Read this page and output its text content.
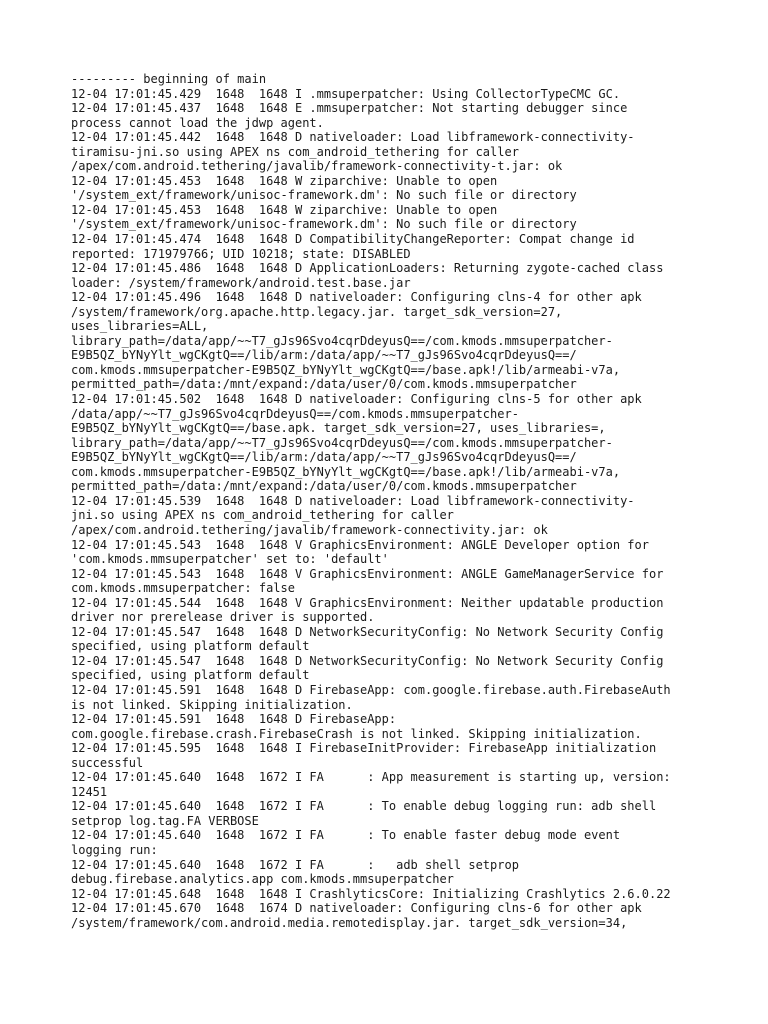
--------- beginning of main
12-04 17:01:45.429  1648  1648 I .mmsuperpatcher: Using CollectorTypeCMC GC.
12-04 17:01:45.437  1648  1648 E .mmsuperpatcher: Not starting debugger since
process cannot load the jdwp agent.
12-04 17:01:45.442  1648  1648 D nativeloader: Load libframework-connectivity-
tiramisu-jni.so using APEX ns com_android_tethering for caller
/apex/com.android.tethering/javalib/framework-connectivity-t.jar: ok
12-04 17:01:45.453  1648  1648 W ziparchive: Unable to open
'/system_ext/framework/unisoc-framework.dm': No such file or directory
12-04 17:01:45.453  1648  1648 W ziparchive: Unable to open
'/system_ext/framework/unisoc-framework.dm': No such file or directory
12-04 17:01:45.474  1648  1648 D CompatibilityChangeReporter: Compat change id
reported: 171979766; UID 10218; state: DISABLED
12-04 17:01:45.486  1648  1648 D ApplicationLoaders: Returning zygote-cached class
loader: /system/framework/android.test.base.jar
12-04 17:01:45.496  1648  1648 D nativeloader: Configuring clns-4 for other apk
/system/framework/org.apache.http.legacy.jar. target_sdk_version=27,
uses_libraries=ALL,
library_path=/data/app/~~T7_gJs96Svo4cqrDdeyusQ==/com.kmods.mmsuperpatcher-
E9B5QZ_bYNyYlt_wgCKgtQ==/lib/arm:/data/app/~~T7_gJs96Svo4cqrDdeyusQ==/
com.kmods.mmsuperpatcher-E9B5QZ_bYNyYlt_wgCKgtQ==/base.apk!/lib/armeabi-v7a,
permitted_path=/data:/mnt/expand:/data/user/0/com.kmods.mmsuperpatcher
12-04 17:01:45.502  1648  1648 D nativeloader: Configuring clns-5 for other apk
/data/app/~~T7_gJs96Svo4cqrDdeyusQ==/com.kmods.mmsuperpatcher-
E9B5QZ_bYNyYlt_wgCKgtQ==/base.apk. target_sdk_version=27, uses_libraries=,
library_path=/data/app/~~T7_gJs96Svo4cqrDdeyusQ==/com.kmods.mmsuperpatcher-
E9B5QZ_bYNyYlt_wgCKgtQ==/lib/arm:/data/app/~~T7_gJs96Svo4cqrDdeyusQ==/
com.kmods.mmsuperpatcher-E9B5QZ_bYNyYlt_wgCKgtQ==/base.apk!/lib/armeabi-v7a,
permitted_path=/data:/mnt/expand:/data/user/0/com.kmods.mmsuperpatcher
12-04 17:01:45.539  1648  1648 D nativeloader: Load libframework-connectivity-
jni.so using APEX ns com_android_tethering for caller
/apex/com.android.tethering/javalib/framework-connectivity.jar: ok
12-04 17:01:45.543  1648  1648 V GraphicsEnvironment: ANGLE Developer option for
'com.kmods.mmsuperpatcher' set to: 'default'
12-04 17:01:45.543  1648  1648 V GraphicsEnvironment: ANGLE GameManagerService for
com.kmods.mmsuperpatcher: false
12-04 17:01:45.544  1648  1648 V GraphicsEnvironment: Neither updatable production
driver nor prerelease driver is supported.
12-04 17:01:45.547  1648  1648 D NetworkSecurityConfig: No Network Security Config
specified, using platform default
12-04 17:01:45.547  1648  1648 D NetworkSecurityConfig: No Network Security Config
specified, using platform default
12-04 17:01:45.591  1648  1648 D FirebaseApp: com.google.firebase.auth.FirebaseAuth
is not linked. Skipping initialization.
12-04 17:01:45.591  1648  1648 D FirebaseApp:
com.google.firebase.crash.FirebaseCrash is not linked. Skipping initialization.
12-04 17:01:45.595  1648  1648 I FirebaseInitProvider: FirebaseApp initialization
successful
12-04 17:01:45.640  1648  1672 I FA      : App measurement is starting up, version:
12451
12-04 17:01:45.640  1648  1672 I FA      : To enable debug logging run: adb shell
setprop log.tag.FA VERBOSE
12-04 17:01:45.640  1648  1672 I FA      : To enable faster debug mode event
logging run:
12-04 17:01:45.640  1648  1672 I FA      :   adb shell setprop
debug.firebase.analytics.app com.kmods.mmsuperpatcher
12-04 17:01:45.648  1648  1648 I CrashlyticsCore: Initializing Crashlytics 2.6.0.22
12-04 17:01:45.670  1648  1674 D nativeloader: Configuring clns-6 for other apk
/system/framework/com.android.media.remotedisplay.jar. target_sdk_version=34,
